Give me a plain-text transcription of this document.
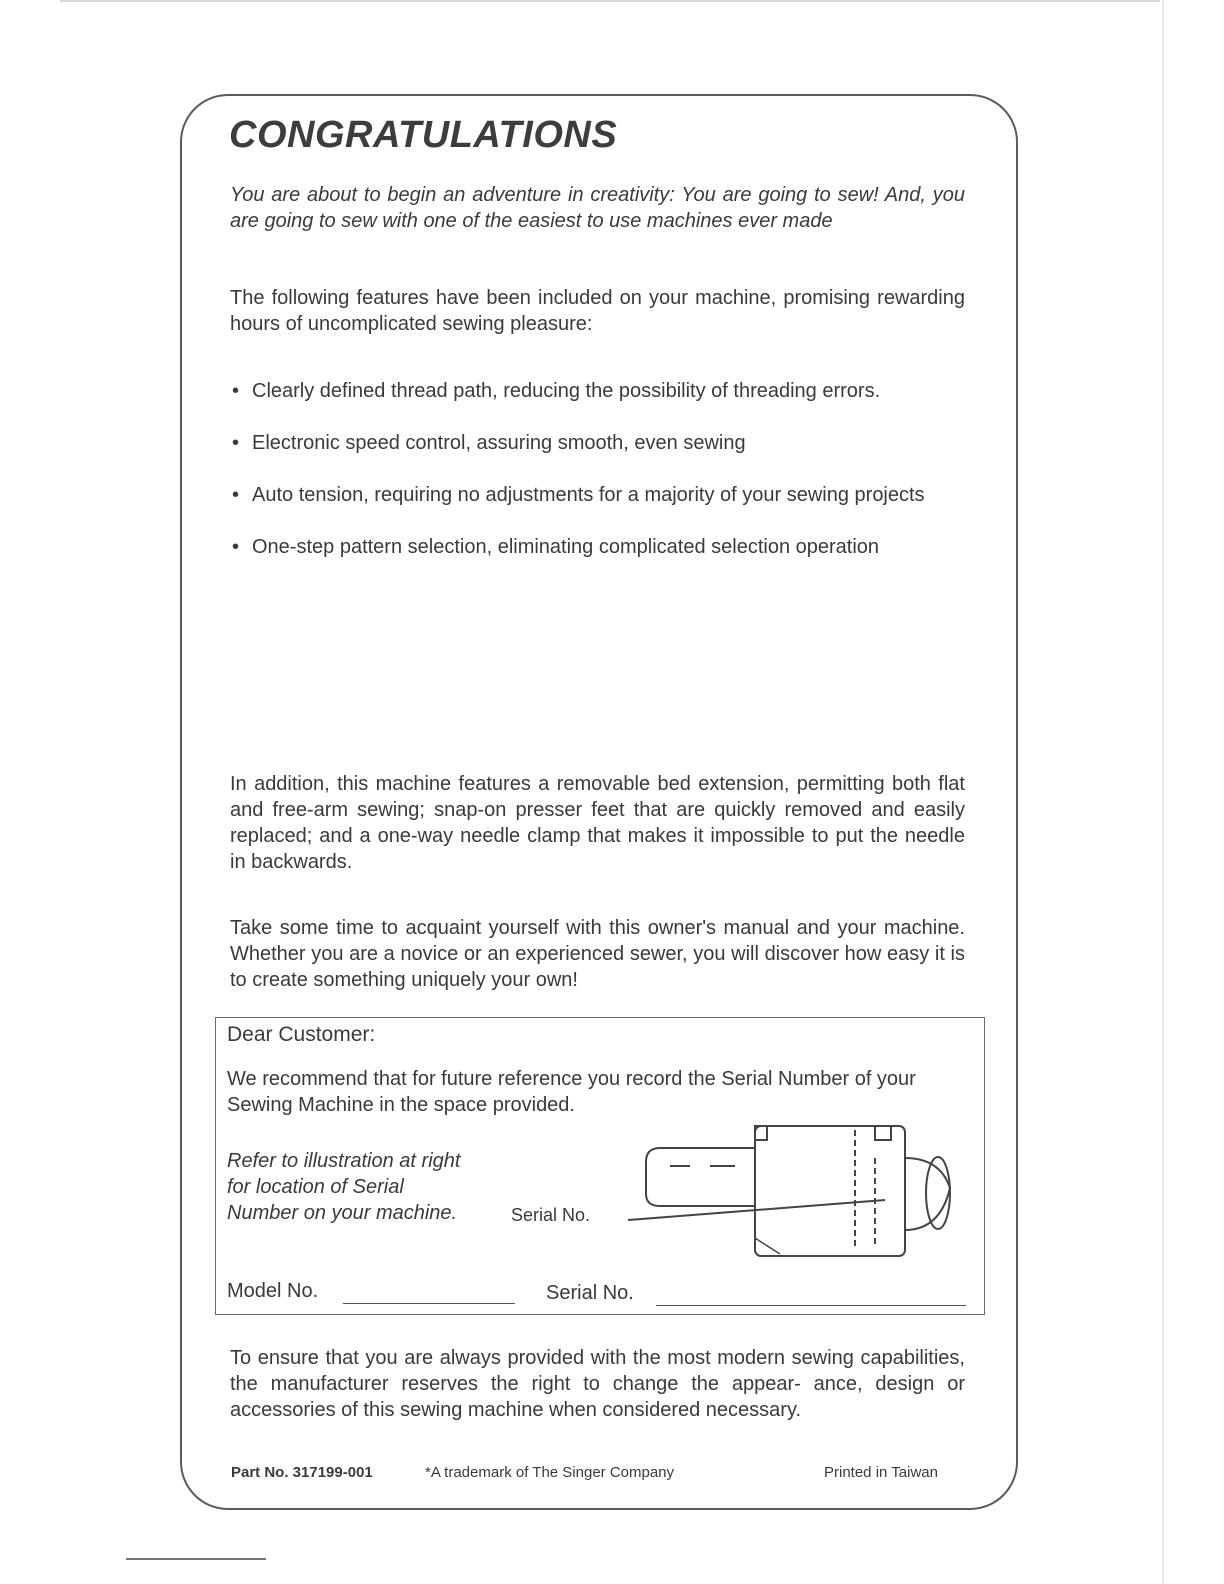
CONGRATULATIONS

You are about to begin an adventure in creativity: You are going to sew! And, you are going to sew with one of the easiest to use machines ever made

The following features have been included on your machine, promising rewarding hours of uncomplicated sewing pleasure:

• Clearly defined thread path, reducing the possibility of threading errors.
• Electronic speed control, assuring smooth, even sewing
• Auto tension, requiring no adjustments for a majority of your sewing projects
• One-step pattern selection, eliminating complicated selection operation

In addition, this machine features a removable bed extension, permitting both flat and free-arm sewing; snap-on presser feet that are quickly removed and easily replaced; and a one-way needle clamp that makes it impossible to put the needle in backwards.

Take some time to acquaint yourself with this owner's manual and your machine. Whether you are a novice or an experienced sewer, you will discover how easy it is to create something uniquely your own!

Dear Customer:

We recommend that for future reference you record the Serial Number of your Sewing Machine in the space provided.

Refer to illustration at right for location of Serial Number on your machine.	Serial No.

Model No.	Serial No.

To ensure that you are always provided with the most modern sewing capabilities, the manufacturer reserves the right to change the appear- ance, design or accessories of this sewing machine when considered necessary.

Part No. 317199-001	*A trademark of The Singer Company	Printed in Taiwan
